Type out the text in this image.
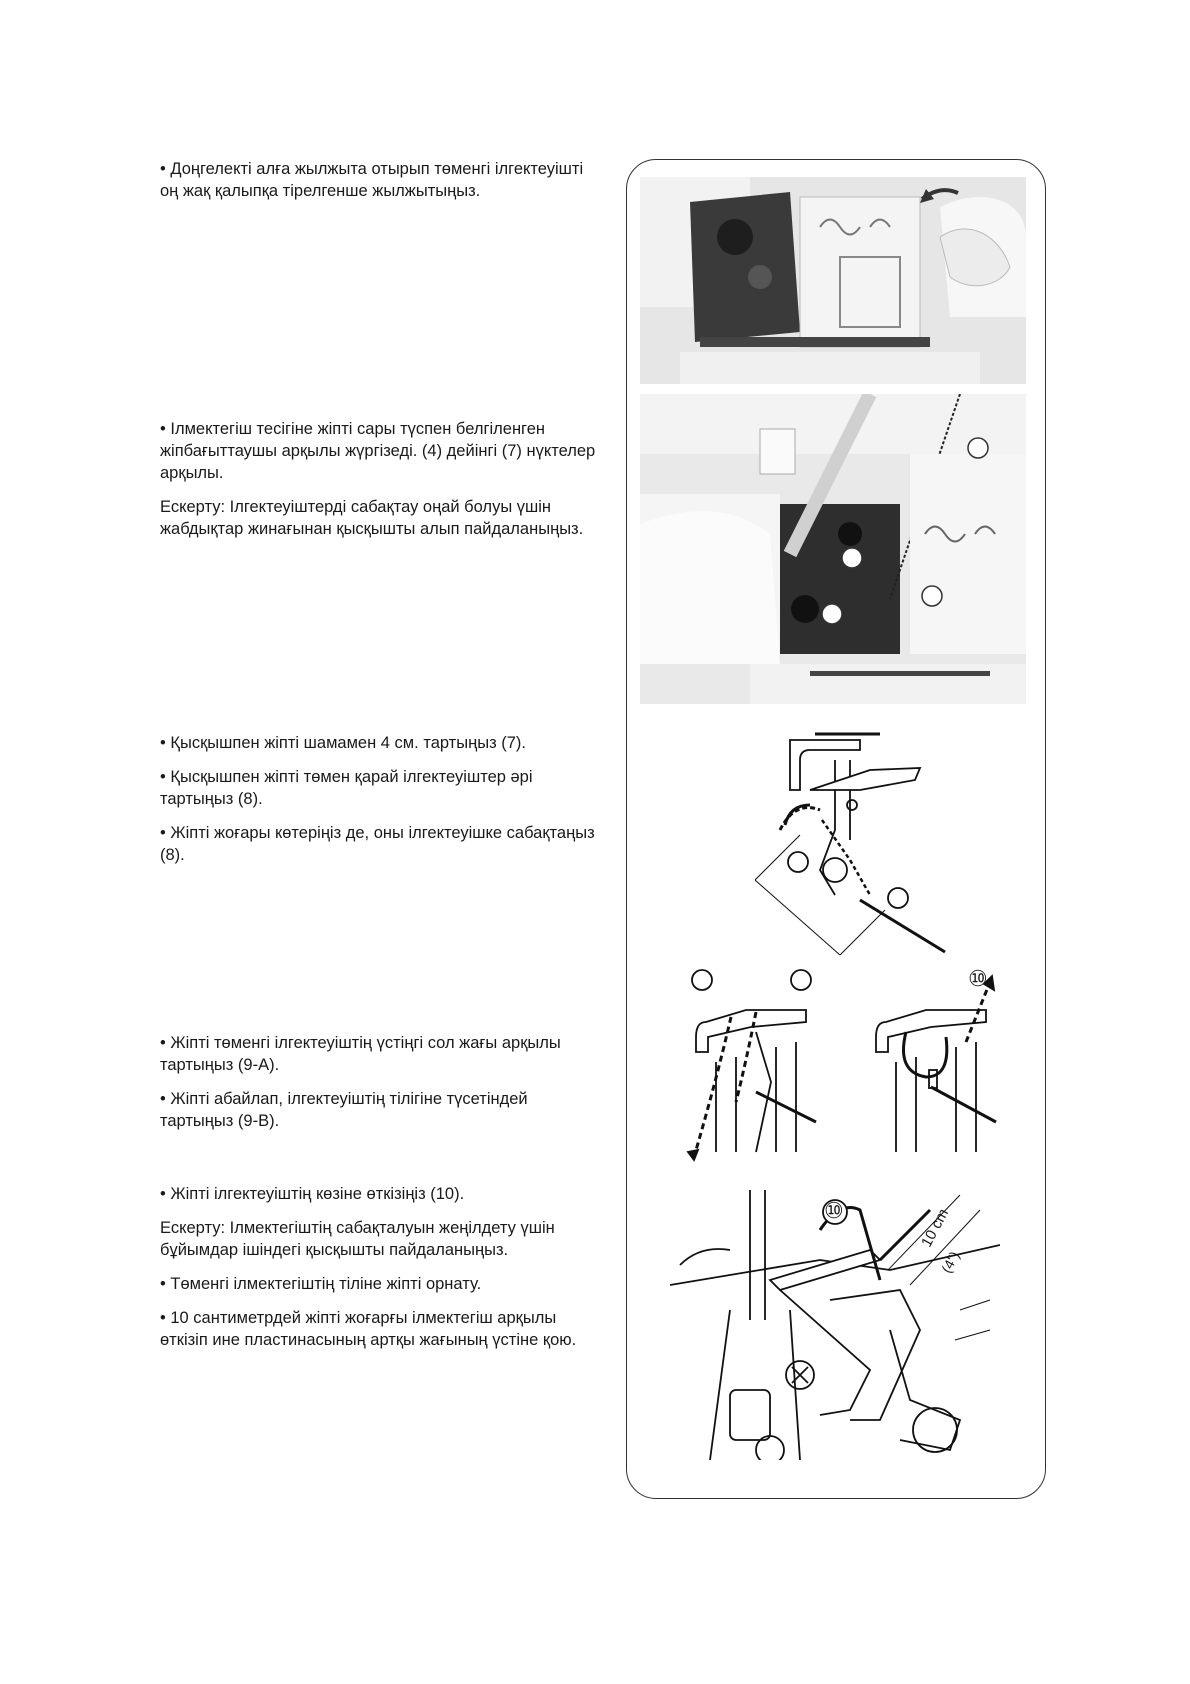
• Доңгелекті алға жылжыта отырып төменгі ілгектеуішті оң жақ қалыпқа тірелгенше жылжытыңыз.

• Ілмектегіш тесігіне жіпті сары түспен белгіленген жіпбағыттаушы арқылы жүргізеді. (4) дейінгі (7) нүктелер арқылы.

Ескерту: Ілгектеуіштерді сабақтау оңай болуы үшін жабдықтар жинағынан қысқышты алып пайдаланыңыз.

• Қысқышпен жіпті шамамен 4 см. тартыңыз (7).

• Қысқышпен жіпті төмен қарай ілгектеуіштер әрі тартыңыз (8).

• Жіпті жоғары көтеріңіз де, оны ілгектеуішке сабақтаңыз (8).

• Жіпті төменгі ілгектеуіштің үстіңгі сол жағы арқылы тартыңыз (9-A).

• Жіпті абайлап, ілгектеуіштің тілігіне түсетіндей тартыңыз (9-B).

• Жіпті ілгектеуіштің көзіне өткізіңіз (10).

Ескерту: Ілмектегіштің сабақталуын жеңілдету үшін бұйымдар ішіндегі қысқышты пайдаланыңыз.

• Төменгі ілмектегіштің тіліне жіпті орнату.

• 10 сантиметрдей жіпті жоғарғы ілмектегіш арқылы өткізіп ине пластинасының артқы жағының үстіне қою.

⑩
⑩	10 cm
(4")
